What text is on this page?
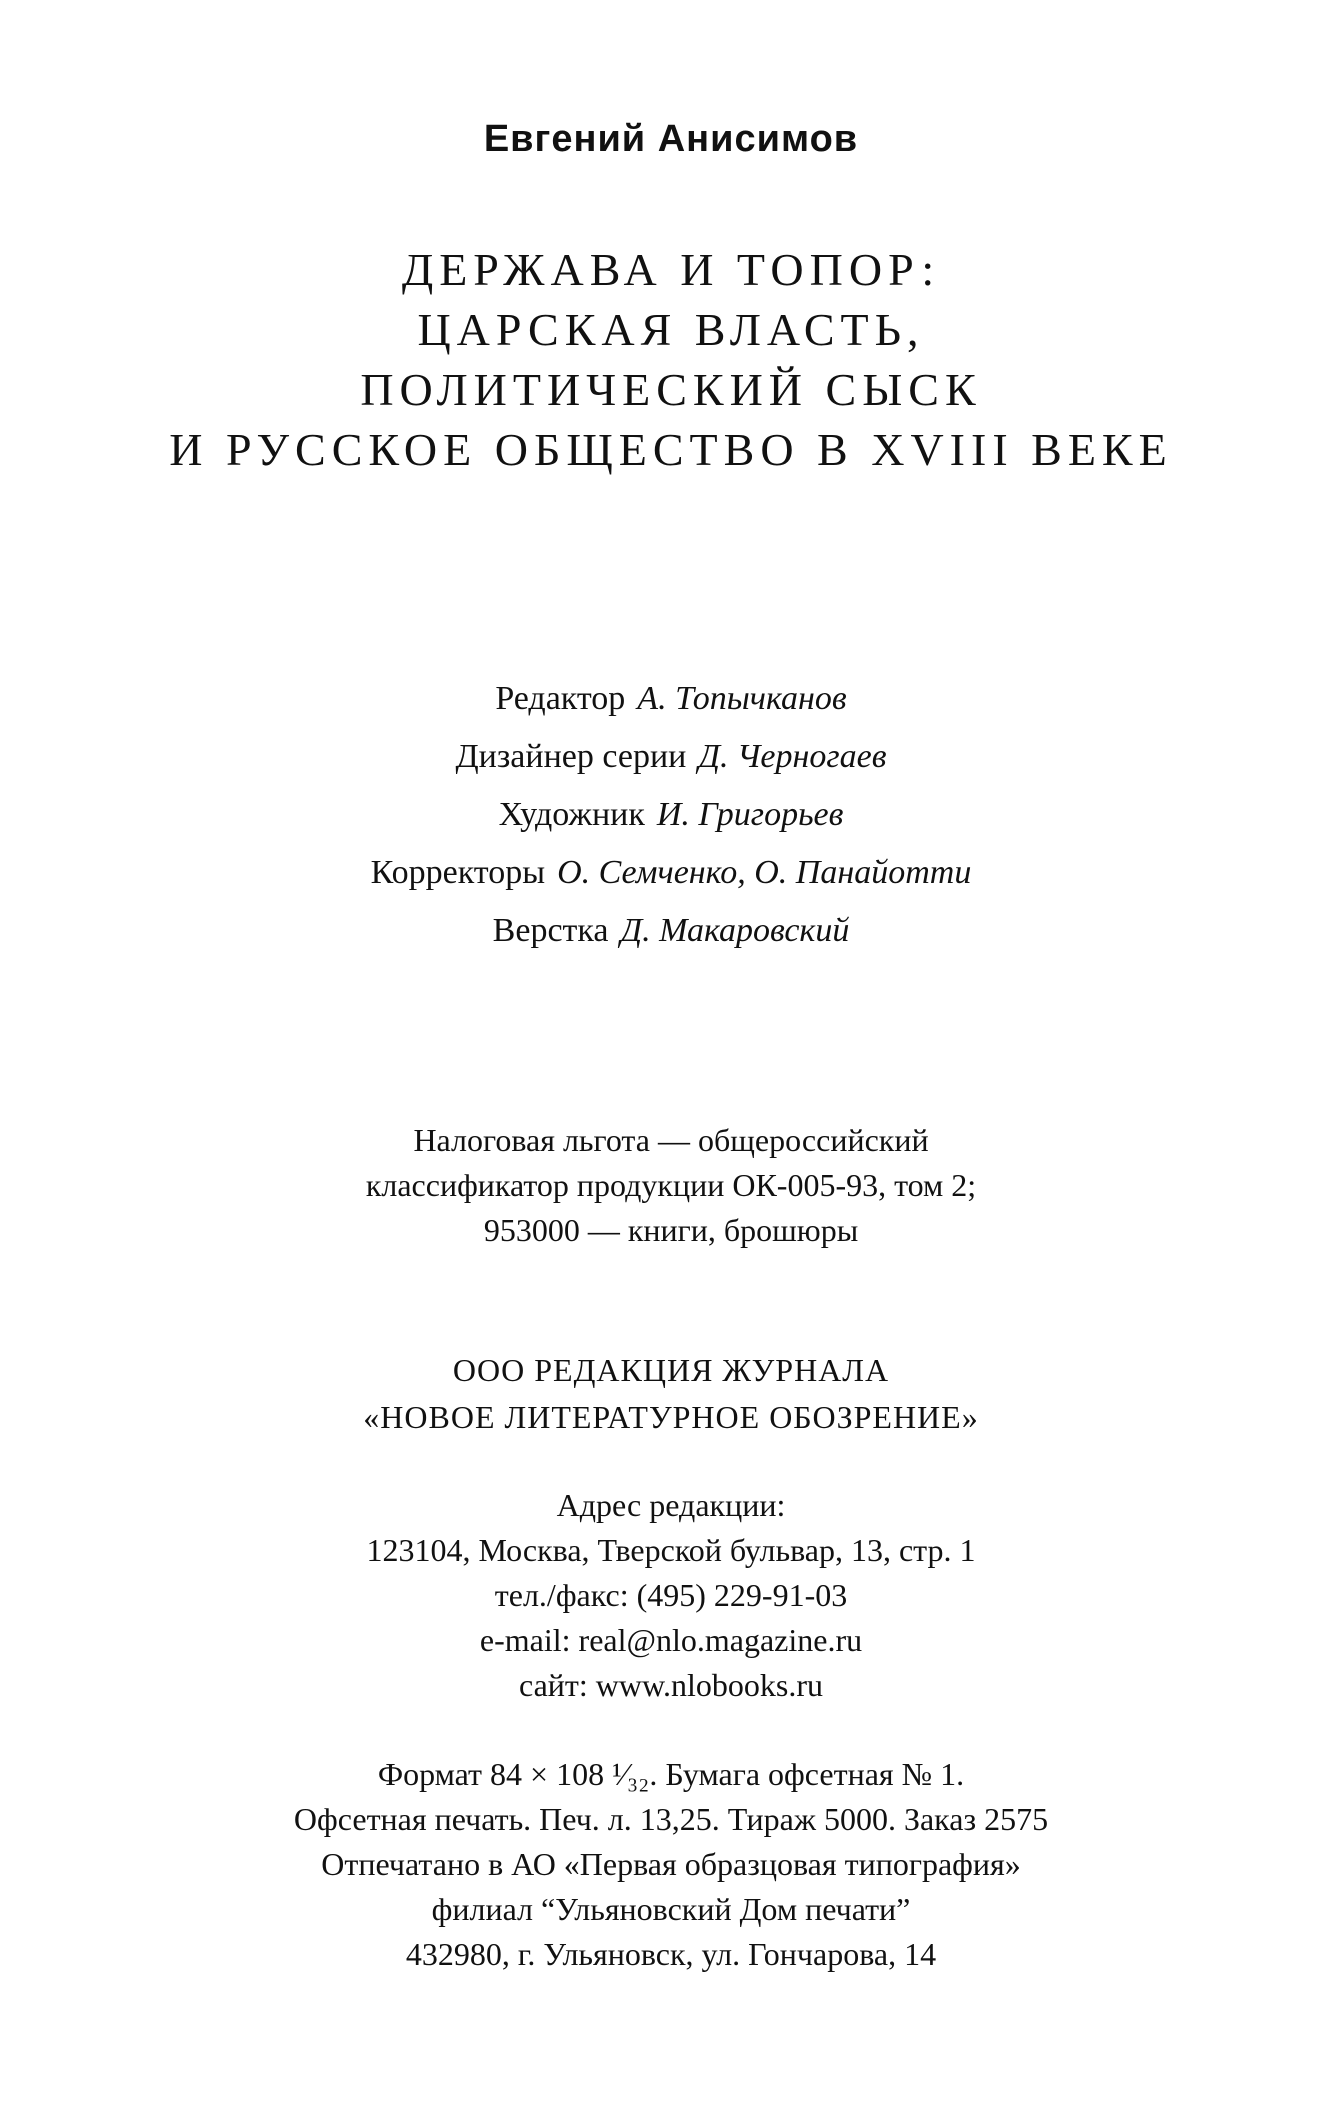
Евгений Анисимов
ДЕРЖАВА И ТОПОР:
ЦАРСКАЯ ВЛАСТЬ,
ПОЛИТИЧЕСКИЙ СЫСК
И РУССКОЕ ОБЩЕСТВО В XVIII ВЕКЕ
Редактор А. Топычканов
Дизайнер серии Д. Черногаев
Художник И. Григорьев
Корректоры О. Семченко, О. Панайотти
Верстка Д. Макаровский
Налоговая льгота — общероссийский
классификатор продукции ОК-005-93, том 2;
953000 — книги, брошюры
ООО РЕДАКЦИЯ ЖУРНАЛА
«НОВОЕ ЛИТЕРАТУРНОЕ ОБОЗРЕНИЕ»
Адрес редакции:
123104, Москва, Тверской бульвар, 13, стр. 1
тел./факс: (495) 229-91-03
e-mail: real@nlo.magazine.ru
сайт: www.nlobooks.ru
Формат 84 × 108 ¹⁄₃₂. Бумага офсетная № 1.
Офсетная печать. Печ. л. 13,25. Тираж 5000. Заказ 2575
Отпечатано в АО «Первая образцовая типография»
филиал “Ульяновский Дом печати”
432980, г. Ульяновск, ул. Гончарова, 14
